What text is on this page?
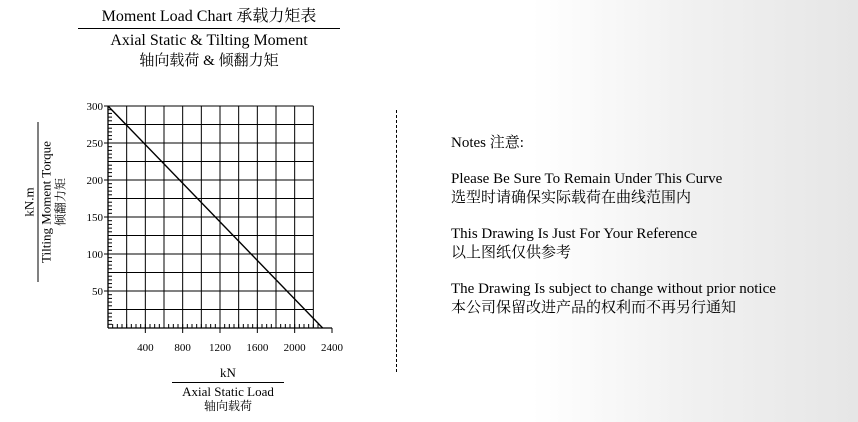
Moment Load Chart 承载力矩表
Axial Static & Tilting Moment
轴向载荷 & 倾翻力矩
400 800 1200 1600 2000 2400
50
100
150
200
250
300
kN.m Tilting Moment Torque 倾翻力矩
kN
Axial Static Load
轴向载荷
Notes 注意:
Please Be Sure To Remain Under This Curve
选型时请确保实际载荷在曲线范围内
This Drawing Is Just For Your Reference
以上图纸仅供参考
The Drawing Is subject to change without prior notice
本公司保留改进产品的权利而不再另行通知
